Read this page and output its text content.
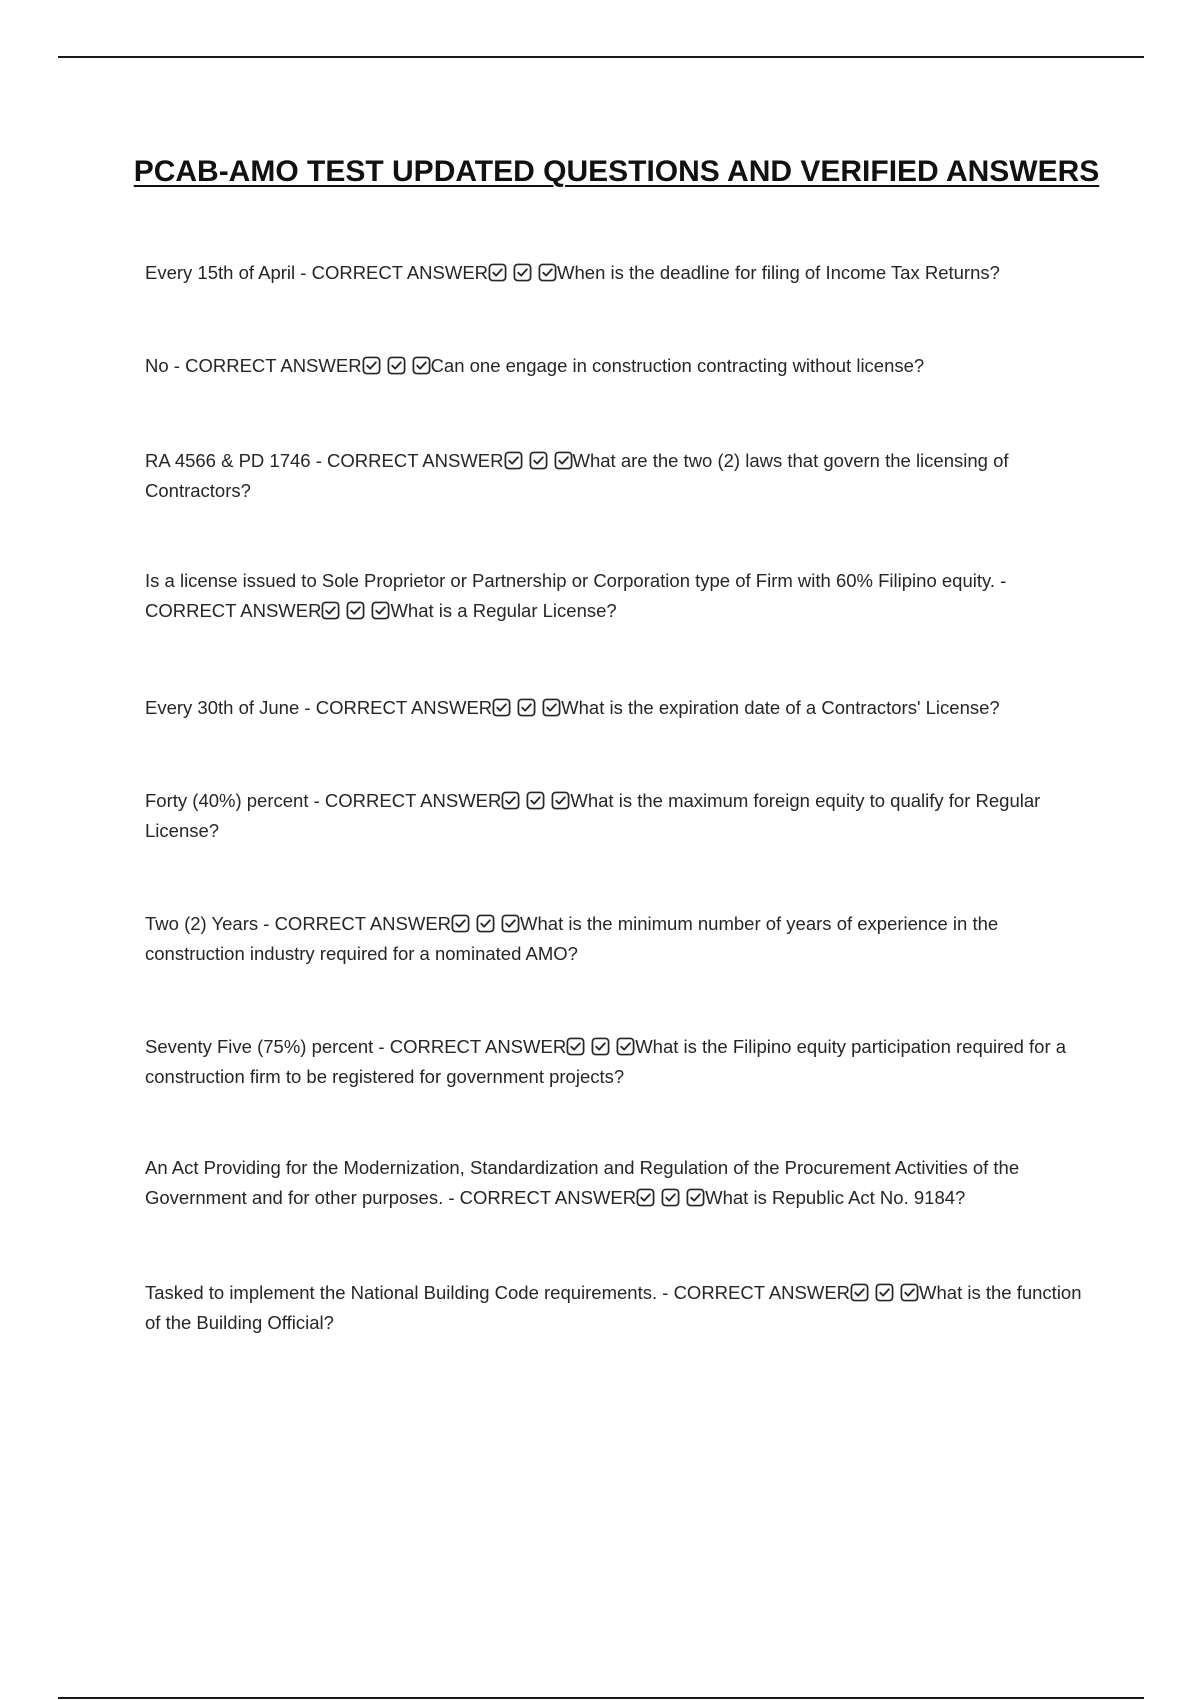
PCAB-AMO TEST UPDATED QUESTIONS AND VERIFIED ANSWERS

Every 15th of April - CORRECT ANSWER	When is the deadline for filing of Income Tax Returns?

No - CORRECT ANSWER	Can one engage in construction contracting without license?

RA 4566 & PD 1746 - CORRECT ANSWER	What are the two (2) laws that govern the licensing of Contractors?

Is a license issued to Sole Proprietor or Partnership or Corporation type of Firm with 60% Filipino equity. - CORRECT ANSWER	What is a Regular License?

Every 30th of June - CORRECT ANSWER	What is the expiration date of a Contractors' License?

Forty (40%) percent - CORRECT ANSWER	What is the maximum foreign equity to qualify for Regular License?

Two (2) Years - CORRECT ANSWER	What is the minimum number of years of experience in the construction industry required for a nominated AMO?

Seventy Five (75%) percent - CORRECT ANSWER	What is the Filipino equity participation required for a construction firm to be registered for government projects?

An Act Providing for the Modernization, Standardization and Regulation of the Procurement Activities of the Government and for other purposes. - CORRECT ANSWER	What is Republic Act No. 9184?

Tasked to implement the National Building Code requirements. - CORRECT ANSWER	What is the function of the Building Official?
